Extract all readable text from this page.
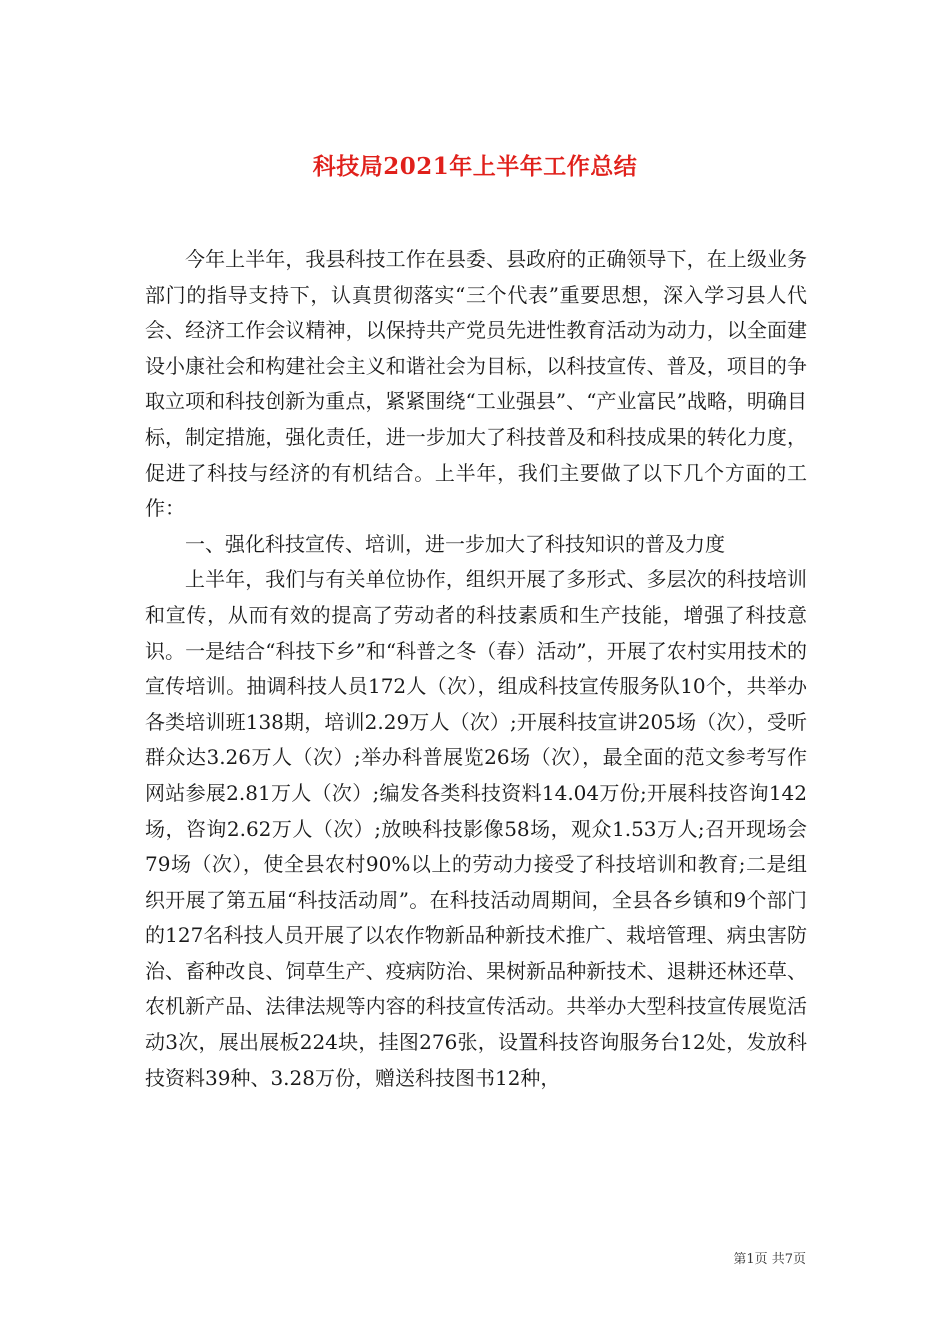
科技局2021年上半年工作总结

今年上半年，我县科技工作在县委、县政府的正确领导下，在上级业务部门的指导支持下，认真贯彻落实“三个代表”重要思想，深入学习县人代会、经济工作会议精神，以保持共产党员先进性教育活动为动力，以全面建设小康社会和构建社会主义和谐社会为目标，以科技宣传、普及，项目的争取立项和科技创新为重点，紧紧围绕“工业强县”、“产业富民”战略，明确目标，制定措施，强化责任，进一步加大了科技普及和科技成果的转化力度，促进了科技与经济的有机结合。上半年，我们主要做了以下几个方面的工作：

一、强化科技宣传、培训，进一步加大了科技知识的普及力度

上半年，我们与有关单位协作，组织开展了多形式、多层次的科技培训和宣传，从而有效的提高了劳动者的科技素质和生产技能，增强了科技意识。一是结合“科技下乡”和“科普之冬（春）活动”，开展了农村实用技术的宣传培训。抽调科技人员172人（次），组成科技宣传服务队10个，共举办各类培训班138期，培训2.29万人（次）;开展科技宣讲205场（次），受听群众达3.26万人（次）;举办科普展览26场（次），最全面的范文参考写作网站参展2.81万人（次）;编发各类科技资料14.04万份;开展科技咨询142场，咨询2.62万人（次）;放映科技影像58场，观众1.53万人;召开现场会79场（次），使全县农村90%以上的劳动力接受了科技培训和教育;二是组织开展了第五届“科技活动周”。在科技活动周期间，全县各乡镇和9个部门的127名科技人员开展了以农作物新品种新技术推广、栽培管理、病虫害防治、畜种改良、饲草生产、疫病防治、果树新品种新技术、退耕还林还草、农机新产品、法律法规等内容的科技宣传活动。共举办大型科技宣传展览活动3次，展出展板224块，挂图276张，设置科技咨询服务台12处，发放科技资料39种、3.28万份，赠送科技图书12种，

第1页 共7页
